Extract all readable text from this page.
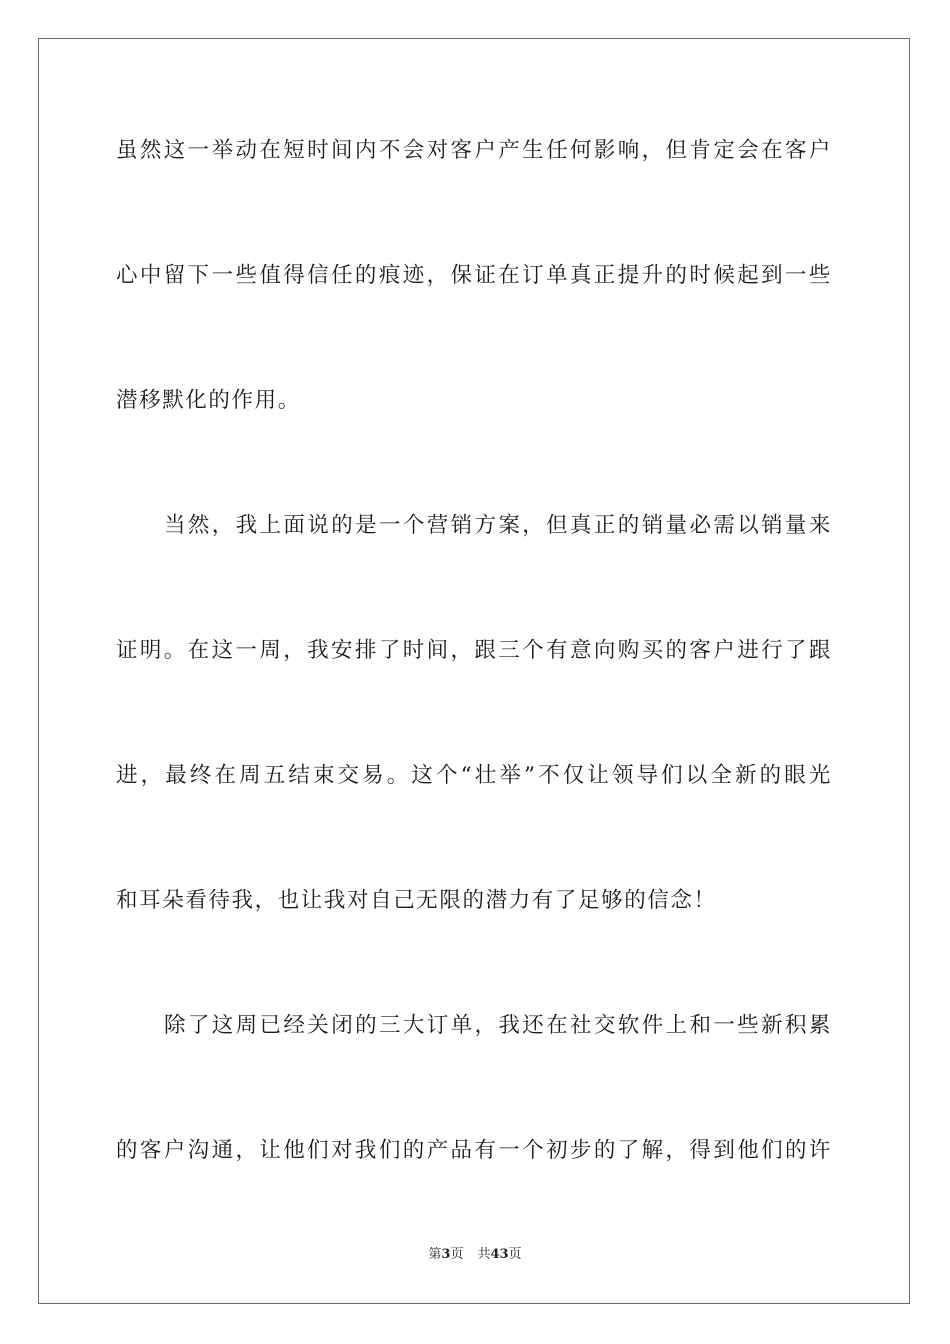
虽然这一举动在短时间内不会对客户产生任何影响，但肯定会在客户
心中留下一些值得信任的痕迹，保证在订单真正提升的时候起到一些
潜移默化的作用。
当然，我上面说的是一个营销方案，但真正的销量必需以销量来
证明。在这一周，我安排了时间，跟三个有意向购买的客户进行了跟
进，最终在周五结束交易。这个“壮举”不仅让领导们以全新的眼光
和耳朵看待我，也让我对自己无限的潜力有了足够的信念！
除了这周已经关闭的三大订单，我还在社交软件上和一些新积累
的客户沟通，让他们对我们的产品有一个初步的了解，得到他们的许
第3页 共43页
